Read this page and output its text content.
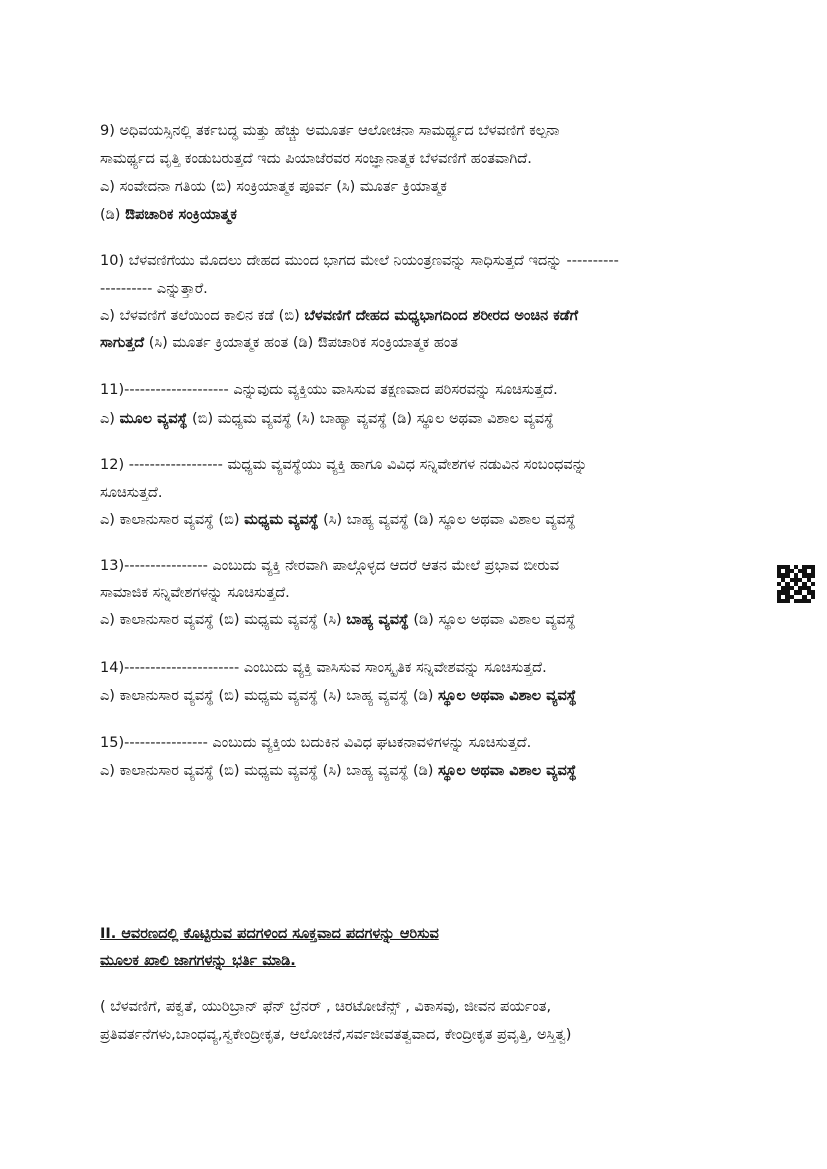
9) ಅಧಿವಯಸ್ಸಿನಲ್ಲಿ ತರ್ಕಬದ್ಧ ಮತ್ತು ಹೆಚ್ಚು ಅಮೂರ್ತ ಆಲೋಚನಾ ಸಾಮರ್ಥ್ಯದ ಬೆಳವಣಿಗೆ ಕಲ್ಪನಾ
ಸಾಮರ್ಥ್ಯದ ವೃತ್ತಿ ಕಂಡುಬರುತ್ತದೆ ಇದು ಪಿಯಾಜೆರವರ ಸಂಜ್ಞಾನಾತ್ಮಕ ಬೆಳವಣಿಗೆ ಹಂತವಾಗಿದೆ.
ಎ) ಸಂವೇದನಾ ಗತಿಯ (ಬಿ) ಸಂಕ್ರಿಯಾತ್ಮಕ ಪೂರ್ವ (ಸಿ) ಮೂರ್ತ ಕ್ರಿಯಾತ್ಮಕ
(ಡಿ) ಔಪಚಾರಿಕ ಸಂಕ್ರಿಯಾತ್ಮಕ
10) ಬೆಳವಣಿಗೆಯು ಮೊದಲು ದೇಹದ ಮುಂದ ಭಾಗದ ಮೇಲೆ ನಿಯಂತ್ರಣವನ್ನು ಸಾಧಿಸುತ್ತದೆ ಇದನ್ನು ----------
---------- ಎನ್ನುತ್ತಾರೆ.
ಎ) ಬೆಳವಣಿಗೆ ತಲೆಯಿಂದ ಕಾಲಿನ ಕಡೆ (ಬಿ) ಬೆಳವಣಿಗೆ ದೇಹದ ಮಧ್ಯಭಾಗದಿಂದ ಶರೀರದ ಅಂಚಿನ ಕಡೆಗೆ
ಸಾಗುತ್ತದೆ (ಸಿ) ಮೂರ್ತ ಕ್ರಿಯಾತ್ಮಕ ಹಂತ (ಡಿ) ಔಪಚಾರಿಕ ಸಂಕ್ರಿಯಾತ್ಮಕ ಹಂತ
11)-------------------- ಎನ್ನುವುದು ವ್ಯಕ್ತಿಯು ವಾಸಿಸುವ ತಕ್ಷಣವಾದ ಪರಿಸರವನ್ನು ಸೂಚಿಸುತ್ತದೆ.
ಎ) ಮೂಲ ವ್ಯವಸ್ಥೆ (ಬಿ) ಮಧ್ಯಮ ವ್ಯವಸ್ಥೆ (ಸಿ) ಬಾಹ್ಯಾ ವ್ಯವಸ್ಥೆ (ಡಿ) ಸ್ಥೂಲ ಅಥವಾ ವಿಶಾಲ ವ್ಯವಸ್ಥೆ
12) ------------------ ಮಧ್ಯಮ ವ್ಯವಸ್ಥೆಯು ವ್ಯಕ್ತಿ ಹಾಗೂ ವಿವಿಧ ಸನ್ನಿವೇಶಗಳ ನಡುವಿನ ಸಂಬಂಧವನ್ನು
ಸೂಚಿಸುತ್ತದೆ.
ಎ) ಕಾಲಾನುಸಾರ ವ್ಯವಸ್ಥೆ (ಬಿ) ಮಧ್ಯಮ ವ್ಯವಸ್ಥೆ (ಸಿ) ಬಾಹ್ಯ ವ್ಯವಸ್ಥೆ (ಡಿ) ಸ್ಥೂಲ ಅಥವಾ ವಿಶಾಲ ವ್ಯವಸ್ಥೆ
13)---------------- ಎಂಬುದು ವ್ಯಕ್ತಿ ನೇರವಾಗಿ ಪಾಲ್ಗೊಳ್ಳದ ಆದರೆ ಆತನ ಮೇಲೆ ಪ್ರಭಾವ ಬೀರುವ
ಸಾಮಾಜಿಕ ಸನ್ನಿವೇಶಗಳನ್ನು ಸೂಚಿಸುತ್ತದೆ.
ಎ) ಕಾಲಾನುಸಾರ ವ್ಯವಸ್ಥೆ (ಬಿ) ಮಧ್ಯಮ ವ್ಯವಸ್ಥೆ (ಸಿ) ಬಾಹ್ಯ ವ್ಯವಸ್ಥೆ (ಡಿ) ಸ್ಥೂಲ ಅಥವಾ ವಿಶಾಲ ವ್ಯವಸ್ಥೆ
14)---------------------- ಎಂಬುದು ವ್ಯಕ್ತಿ ವಾಸಿಸುವ ಸಾಂಸ್ಕೃತಿಕ ಸನ್ನಿವೇಶವನ್ನು ಸೂಚಿಸುತ್ತದೆ.
ಎ) ಕಾಲಾನುಸಾರ ವ್ಯವಸ್ಥೆ (ಬಿ) ಮಧ್ಯಮ ವ್ಯವಸ್ಥೆ (ಸಿ) ಬಾಹ್ಯ ವ್ಯವಸ್ಥೆ (ಡಿ) ಸ್ಥೂಲ ಅಥವಾ ವಿಶಾಲ ವ್ಯವಸ್ಥೆ
15)---------------- ಎಂಬುದು ವ್ಯಕ್ತಿಯ ಬದುಕಿನ ವಿವಿಧ ಘಟಕನಾವಳಿಗಳನ್ನು ಸೂಚಿಸುತ್ತದೆ.
ಎ) ಕಾಲಾನುಸಾರ ವ್ಯವಸ್ಥೆ (ಬಿ) ಮಧ್ಯಮ ವ್ಯವಸ್ಥೆ (ಸಿ) ಬಾಹ್ಯ ವ್ಯವಸ್ಥೆ (ಡಿ) ಸ್ಥೂಲ ಅಥವಾ ವಿಶಾಲ ವ್ಯವಸ್ಥೆ
II. ಆವರಣದಲ್ಲಿ ಕೊಟ್ಟಿರುವ ಪದಗಳಿಂದ ಸೂಕ್ತವಾದ ಪದಗಳನ್ನು ಆರಿಸುವ
ಮೂಲಕ ಖಾಲಿ ಜಾಗಗಳನ್ನು ಭರ್ತಿ ಮಾಡಿ.
( ಬೆಳವಣಿಗೆ, ಪಕ್ವತೆ, ಯುರಿಬ್ರಾನ್ ಫೆನ್ ಬ್ರೆನರ್ , ಚಿರಟೋಜೆನ್ಸ್ , ವಿಕಾಸವು, ಜೀವನ ಪರ್ಯಂತ,
ಪ್ರತಿವರ್ತನೆಗಳು,ಬಾಂಧವ್ಯ,ಸ್ವಕೇಂದ್ರೀಕೃತ, ಆಲೋಚನೆ,ಸರ್ವಜೀವತತ್ವವಾದ, ಕೇಂದ್ರೀಕೃತ ಪ್ರವೃತ್ತಿ, ಅಸ್ತಿತ್ವ)
